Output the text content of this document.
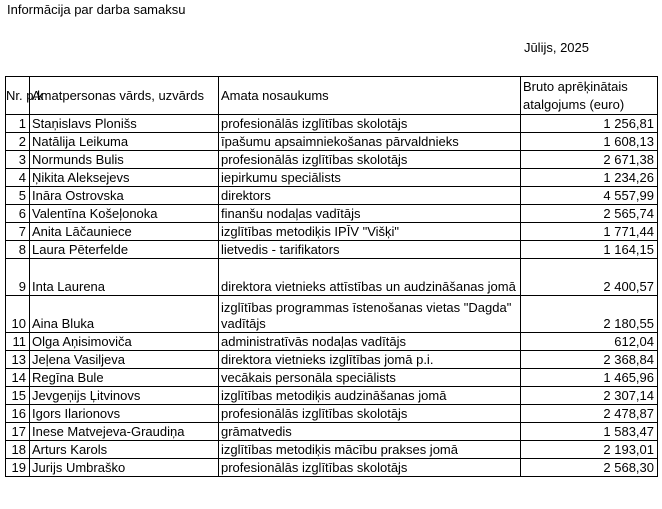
Informācija par darba samaksu
Jūlijs, 2025
Nr. p.k	Amatpersonas vārds, uzvārds	Amata nosaukums	Bruto aprēķinātais atalgojums (euro)
1	Staņislavs Plonišs	profesionālās izglītības skolotājs	1 256,81
2	Natālija Leikuma	īpašumu apsaimniekošanas pārvaldnieks	1 608,13
3	Normunds Bulis	profesionālās izglītības skolotājs	2 671,38
4	Ņikita Aleksejevs	iepirkumu speciālists	1 234,26
5	Ināra Ostrovska	direktors	4 557,99
6	Valentīna Košeļonoka	finanšu nodaļas vadītājs	2 565,74
7	Anita Lāčauniece	izglītības metodiķis IPĪV "Višķi"	1 771,44
8	Laura Pēterfelde	lietvedis - tarifikators	1 164,15
9	Inta Laurena	direktora vietnieks attīstības un audzināšanas jomā	2 400,57
10	Aina Bluka	izglītības programmas īstenošanas vietas "Dagda" vadītājs	2 180,55
11	Olga Aņisimoviča	administratīvās nodaļas vadītājs	612,04
13	Jeļena Vasiljeva	direktora vietnieks izglītības jomā p.i.	2 368,84
14	Regīna Bule	vecākais personāla speciālists	1 465,96
15	Jevgeņijs Ļitvinovs	izglītības metodiķis audzināšanas jomā	2 307,14
16	Igors Ilarionovs	profesionālās izglītības skolotājs	2 478,87
17	Inese Matvejeva-Graudiņa	grāmatvedis	1 583,47
18	Arturs Karols	izglītības metodiķis mācību prakses jomā	2 193,01
19	Jurijs Umbraško	profesionālās izglītības skolotājs	2 568,30
